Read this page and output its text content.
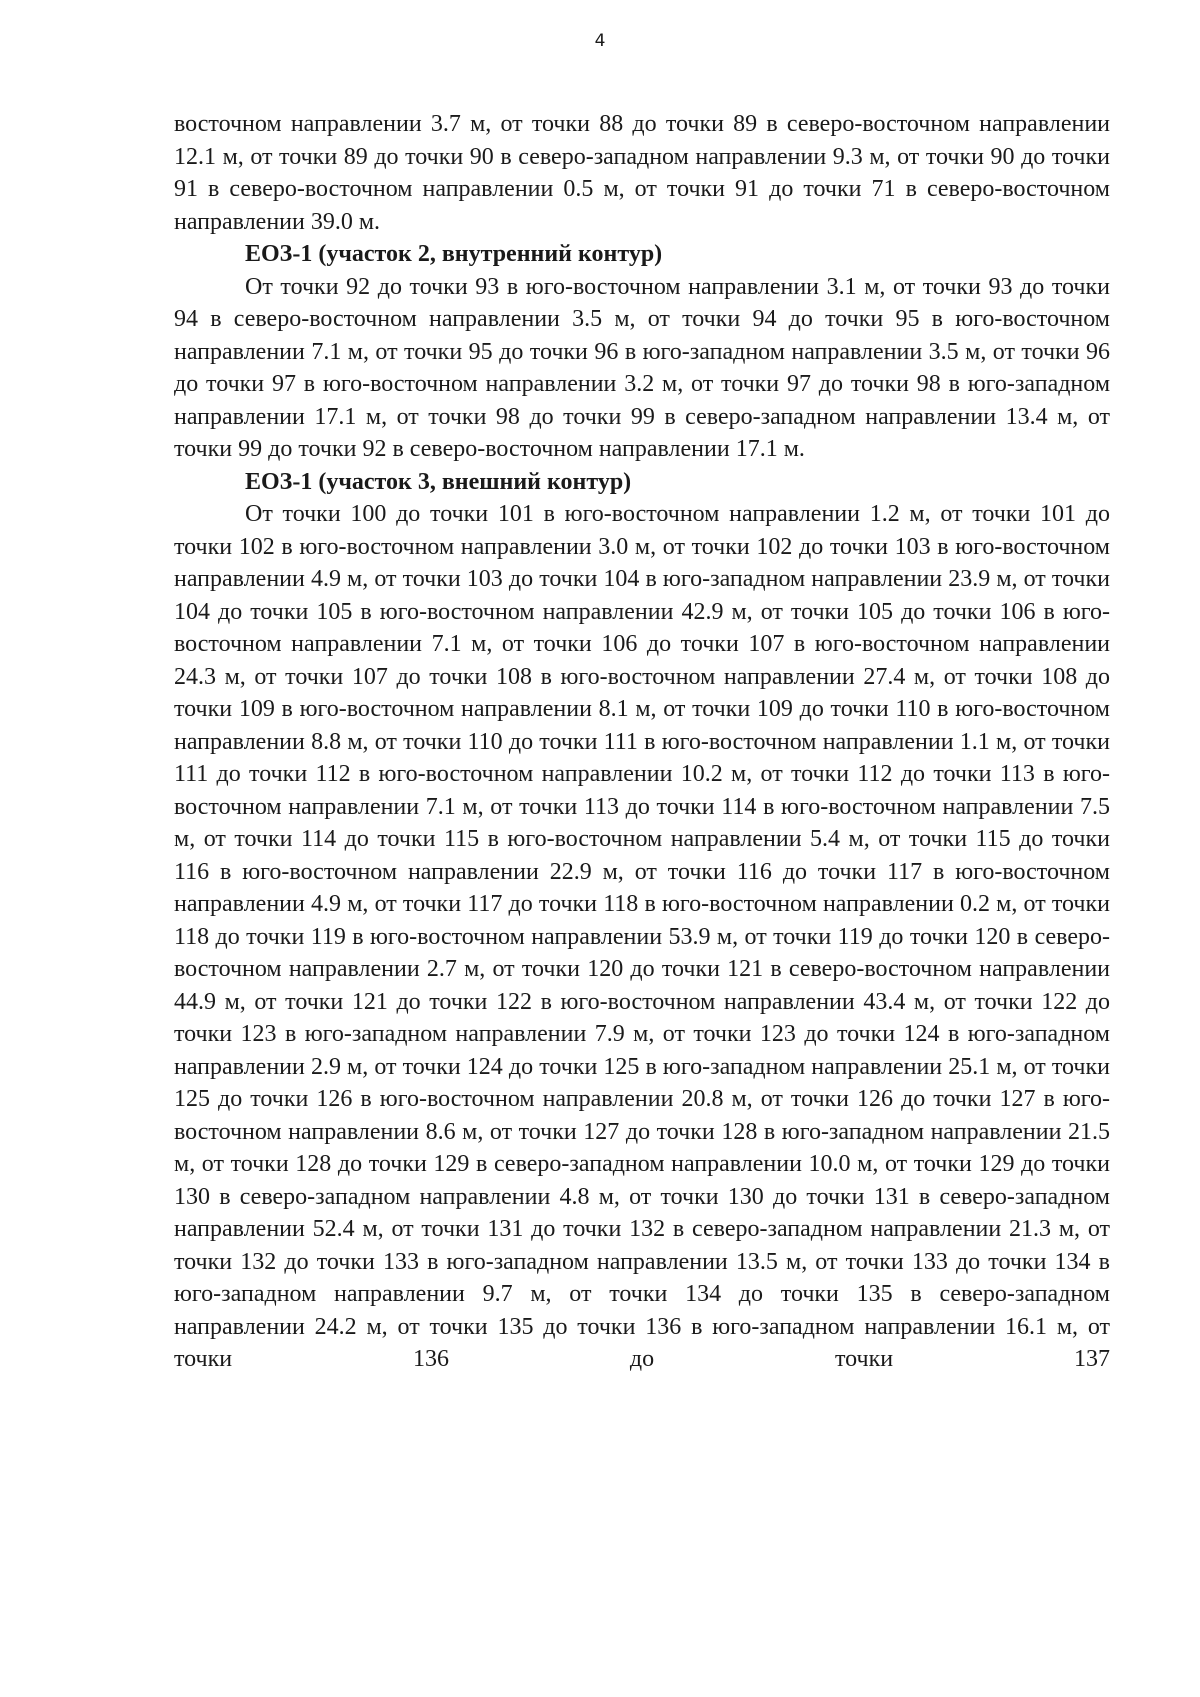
4

восточном направлении 3.7 м, от точки 88 до точки 89 в северо-восточном направлении 12.1 м, от точки 89 до точки 90 в северо-западном направлении 9.3 м, от точки 90 до точки 91 в северо-восточном направлении 0.5 м, от точки 91 до точки 71 в северо-восточном направлении 39.0 м.

ЕОЗ-1 (участок 2, внутренний контур)

От точки 92 до точки 93 в юго-восточном направлении 3.1 м, от точки 93 до точки 94 в северо-восточном направлении 3.5 м, от точки 94 до точки 95 в юго-восточном направлении 7.1 м, от точки 95 до точки 96 в юго-западном направлении 3.5 м, от точки 96 до точки 97 в юго-восточном направлении 3.2 м, от точки 97 до точки 98 в юго-западном направлении 17.1 м, от точки 98 до точки 99 в северо-западном направлении 13.4 м, от точки 99 до точки 92 в северо-восточном направлении 17.1 м.

ЕОЗ-1 (участок 3, внешний контур)

От точки 100 до точки 101 в юго-восточном направлении 1.2 м, от точки 101 до точки 102 в юго-восточном направлении 3.0 м, от точки 102 до точки 103 в юго-восточном направлении 4.9 м, от точки 103 до точки 104 в юго-западном направлении 23.9 м, от точки 104 до точки 105 в юго-восточном направлении 42.9 м, от точки 105 до точки 106 в юго-восточном направлении 7.1 м, от точки 106 до точки 107 в юго-восточном направлении 24.3 м, от точки 107 до точки 108 в юго-восточном направлении 27.4 м, от точки 108 до точки 109 в юго-восточном направлении 8.1 м, от точки 109 до точки 110 в юго-восточном направлении 8.8 м, от точки 110 до точки 111 в юго-восточном направлении 1.1 м, от точки 111 до точки 112 в юго-восточном направлении 10.2 м, от точки 112 до точки 113 в юго-восточном направлении 7.1 м, от точки 113 до точки 114 в юго-восточном направлении 7.5 м, от точки 114 до точки 115 в юго-восточном направлении 5.4 м, от точки 115 до точки 116 в юго-восточном направлении 22.9 м, от точки 116 до точки 117 в юго-восточном направлении 4.9 м, от точки 117 до точки 118 в юго-восточном направлении 0.2 м, от точки 118 до точки 119 в юго-восточном направлении 53.9 м, от точки 119 до точки 120 в северо-восточном направлении 2.7 м, от точки 120 до точки 121 в северо-восточном направлении 44.9 м, от точки 121 до точки 122 в юго-восточном направлении 43.4 м, от точки 122 до точки 123 в юго-западном направлении 7.9 м, от точки 123 до точки 124 в юго-западном направлении 2.9 м, от точки 124 до точки 125 в юго-западном направлении 25.1 м, от точки 125 до точки 126 в юго-восточном направлении 20.8 м, от точки 126 до точки 127 в юго-восточном направлении 8.6 м, от точки 127 до точки 128 в юго-западном направлении 21.5 м, от точки 128 до точки 129 в северо-западном направлении 10.0 м, от точки 129 до точки 130 в северо-западном направлении 4.8 м, от точки 130 до точки 131 в северо-западном направлении 52.4 м, от точки 131 до точки 132 в северо-западном направлении 21.3 м, от точки 132 до точки 133 в юго-западном направлении 13.5 м, от точки 133 до точки 134 в юго-западном направлении 9.7 м, от точки 134 до точки 135 в северо-западном направлении 24.2 м, от точки 135 до точки 136 в юго-западном направлении 16.1 м, от точки 136 до точки 137
